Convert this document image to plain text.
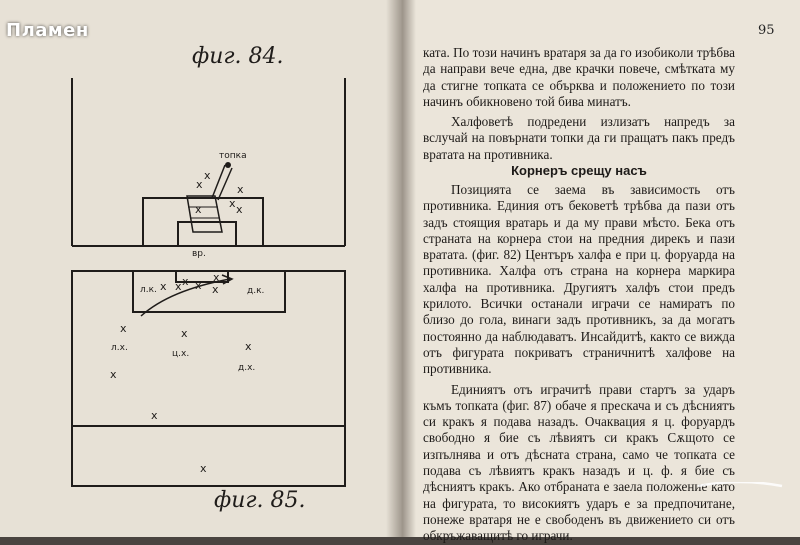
Пламен
фиг. 84.
x
x
x
x x
x
x x x
x
x
x
x	x
x
x
x
x
топка
вр.
л.к.	д.к.
л.х.
ц.х.
д.х.
фиг. 85.
95

ката. По този начинъ вратаря за да го изобиколи трѣбва да направи вече една, две крачки повече, смѣтката му да стигне топката се обърква и положението по този начинъ обикновено той бива минатъ.

Халфоветѣ подредени излизатъ напредъ за вслучай на повърнати топки да ги пращатъ пакъ предъ вратата на противника.

Корнеръ срещу насъ

Позицията се заема въ зависимость отъ противника. Единия отъ бековетѣ трѣбва да пази отъ задъ стоящия вратарь и да му прави мѣсто. Бека отъ страната на корнера стои на предния дирекъ и пази вратата. (фиг. 82) Центъръ халфа е при ц. форуарда на противника. Халфа отъ страна на корнера маркира халфа на противника. Другиятъ халфъ стои предъ крилото. Всички останали играчи се намиратъ по близо до гола, винаги задъ противникъ, за да могатъ постоянно да наблюдаватъ. Инсайдитѣ, както се вижда отъ фигурата покриватъ страничнитѣ халфове на противника.

Единиятъ отъ играчитѣ прави стартъ за ударъ къмъ топката (фиг. 87) обаче я прескача и съ дѣсниятъ си кракъ я подава назадъ. Очаквация я ц. форуардъ свободно я бие съ лѣвиятъ си кракъ Сѫщото се изпълнява и отъ дѣсната страна, само че топката се подава съ лѣвиятъ кракъ назадъ и ц. ф. я бие съ дѣсниятъ кракъ. Ако отбраната е заела положение като на фигурата, то високиятъ ударъ е за предпочитане, понеже вратаря не е свободенъ въ движението си отъ обкръжаващитѣ го играчи.
